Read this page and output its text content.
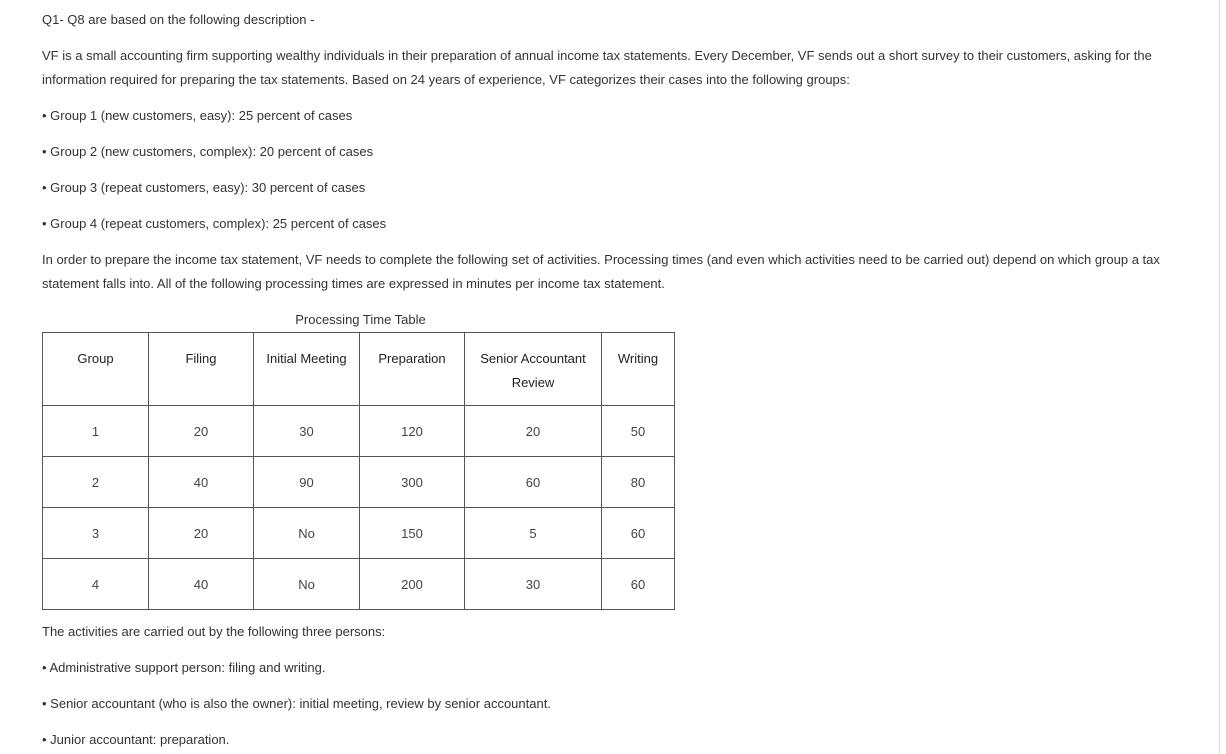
Q1- Q8 are based on the following description -
VF is a small accounting firm supporting wealthy individuals in their preparation of annual income tax statements. Every December, VF sends out a short survey to their customers, asking for the
information required for preparing the tax statements. Based on 24 years of experience, VF categorizes their cases into the following groups:
• Group 1 (new customers, easy): 25 percent of cases
• Group 2 (new customers, complex): 20 percent of cases
• Group 3 (repeat customers, easy): 30 percent of cases
• Group 4 (repeat customers, complex): 25 percent of cases
In order to prepare the income tax statement, VF needs to complete the following set of activities. Processing times (and even which activities need to be carried out) depend on which group a tax
statement falls into. All of the following processing times are expressed in minutes per income tax statement.
Processing Time Table
Group	Filing	Initial Meeting	Preparation	Senior Accountant Review	Writing
1	20	30	120	20	50
2	40	90	300	60	80
3	20	No	150	5	60
4	40	No	200	30	60
The activities are carried out by the following three persons:
• Administrative support person: filing and writing.
• Senior accountant (who is also the owner): initial meeting, review by senior accountant.
• Junior accountant: preparation.
